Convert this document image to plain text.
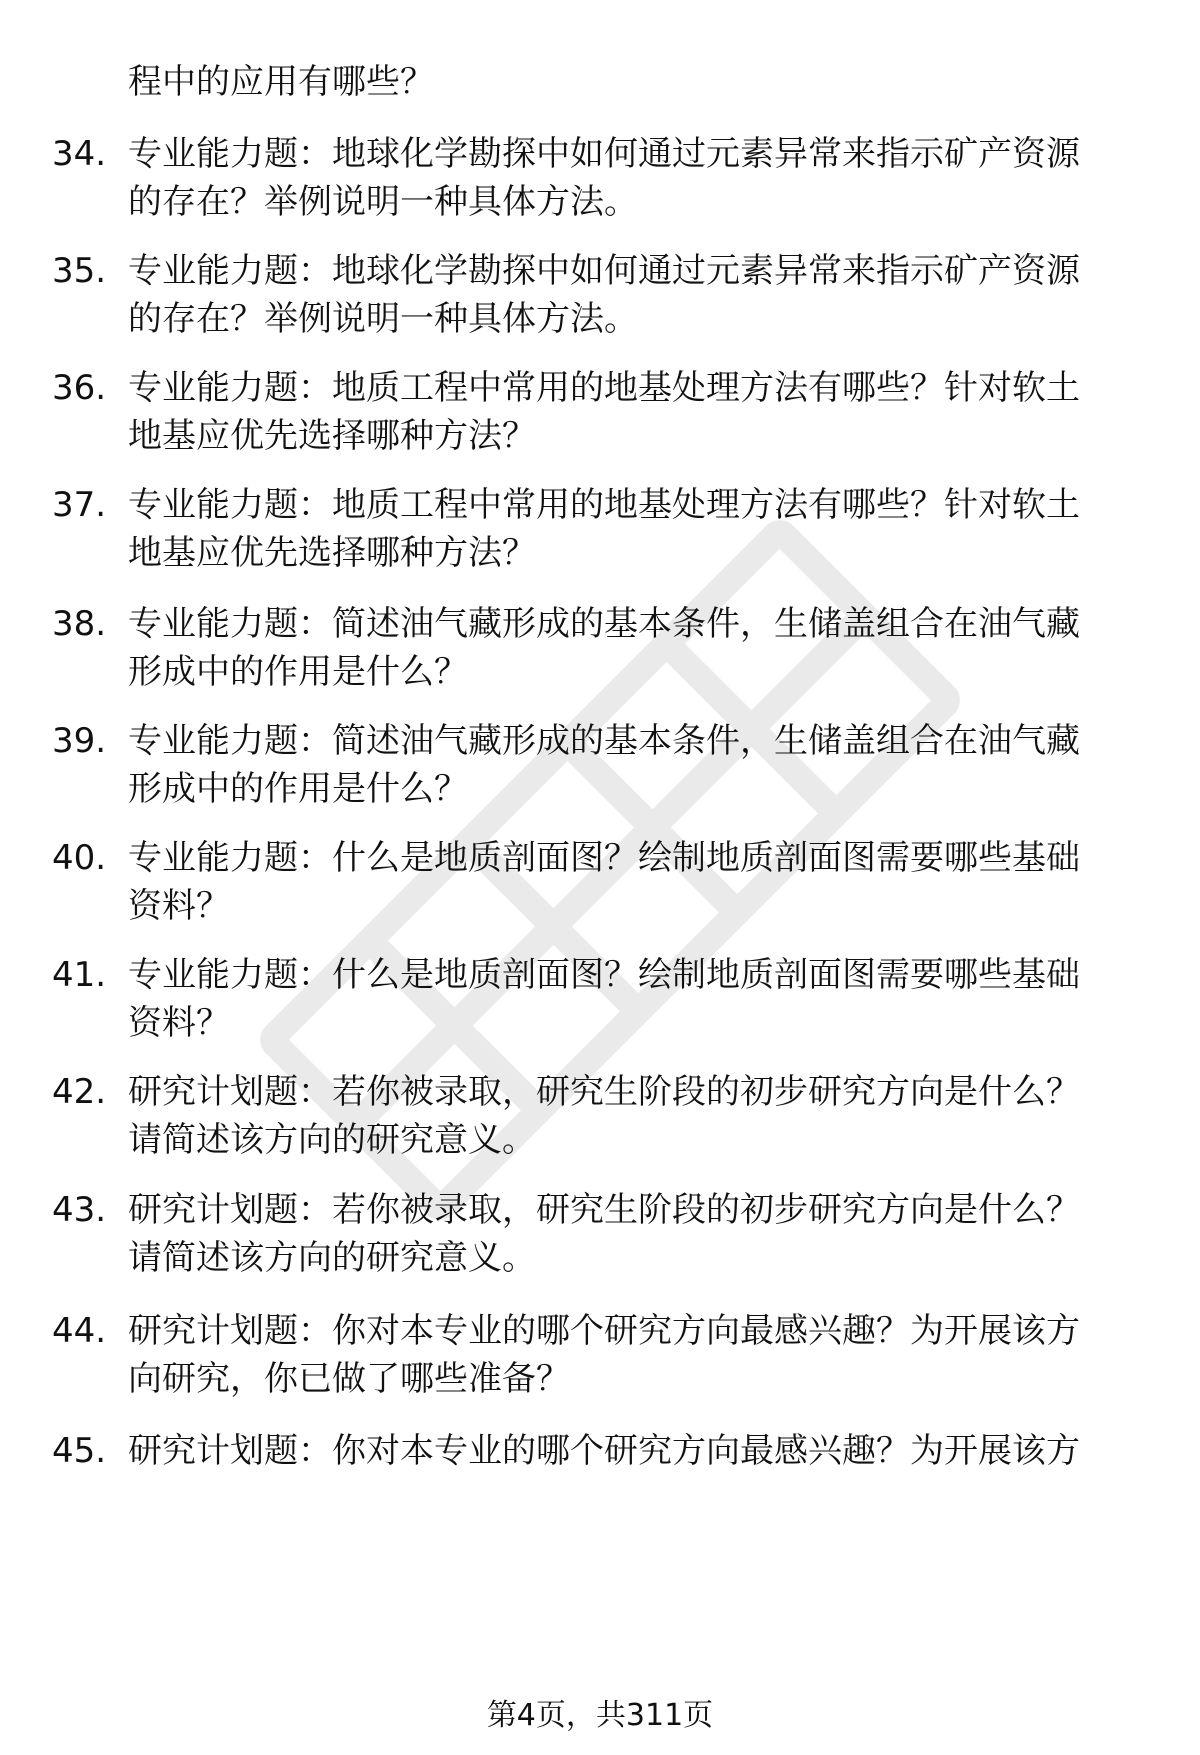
程中的应用有哪些？
34. 专业能力题：地球化学勘探中如何通过元素异常来指示矿产资源
的存在？举例说明一种具体方法。
35. 专业能力题：地球化学勘探中如何通过元素异常来指示矿产资源
的存在？举例说明一种具体方法。
36. 专业能力题：地质工程中常用的地基处理方法有哪些？针对软土
地基应优先选择哪种方法？
37. 专业能力题：地质工程中常用的地基处理方法有哪些？针对软土
地基应优先选择哪种方法？
38. 专业能力题：简述油气藏形成的基本条件，生储盖组合在油气藏
形成中的作用是什么？
39. 专业能力题：简述油气藏形成的基本条件，生储盖组合在油气藏
形成中的作用是什么？
40. 专业能力题：什么是地质剖面图？绘制地质剖面图需要哪些基础
资料？
41. 专业能力题：什么是地质剖面图？绘制地质剖面图需要哪些基础
资料？
42. 研究计划题：若你被录取，研究生阶段的初步研究方向是什么？
请简述该方向的研究意义。
43. 研究计划题：若你被录取，研究生阶段的初步研究方向是什么？
请简述该方向的研究意义。
44. 研究计划题：你对本专业的哪个研究方向最感兴趣？为开展该方
向研究，你已做了哪些准备？
45. 研究计划题：你对本专业的哪个研究方向最感兴趣？为开展该方
第4页，共311页
